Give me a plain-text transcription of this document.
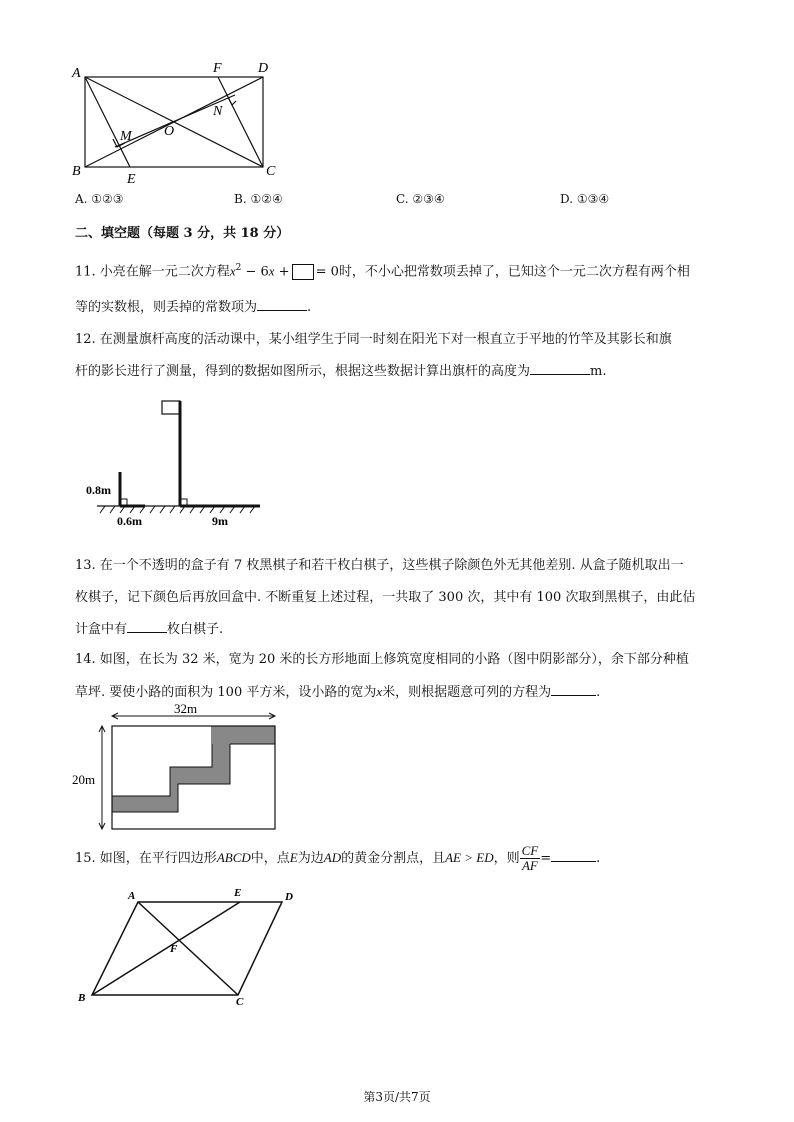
A	F	D
N
M O
B
E
C
A. ①②③	B. ①②④	C. ②③④	D. ①③④
二、填空题（每题 3 分，共 18 分）
11. 小亮在解一元二次方程$x^2 - 6x$ + = 0时，不小心把常数项丢掉了，已知这个一元二次方程有两个相
等的实数根，则丢掉的常数项为	.
12. 在测量旗杆高度的活动课中，某小组学生于同一时刻在阳光下对一根直立于平地的竹竿及其影长和旗
杆的影长进行了测量，得到的数据如图所示，根据这些数据计算出旗杆的高度为	m.
0.8m
0.6m	9m
13. 在一个不透明的盒子有 7 枚黑棋子和若干枚白棋子，这些棋子除颜色外无其他差别. 从盒子随机取出一
枚棋子，记下颜色后再放回盒中. 不断重复上述过程，一共取了 300 次，其中有 100 次取到黑棋子，由此估
计盒中有	枚白棋子.
14. 如图，在长为 32 米，宽为 20 米的长方形地面上修筑宽度相同的小路（图中阴影部分），余下部分种植
草坪. 要使小路的面积为 100 平方米，设小路的宽为x米，则根据题意可列的方程为	.
32m
20m
15. 如图，在平行四边形ABCD中，点E为边AD的黄金分割点，且AE > ED，则 $\frac{CF}{AF}$ =	.
A	E	D
F
B	C
第3页/共7页
